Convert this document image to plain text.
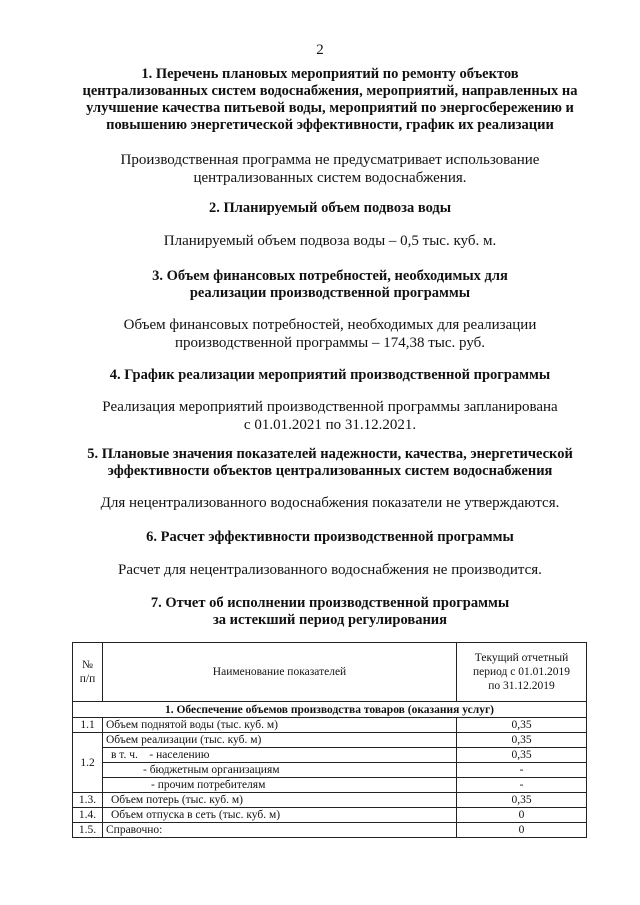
2
1. Перечень плановых мероприятий по ремонту объектов
централизованных систем водоснабжения, мероприятий, направленных на
улучшение качества питьевой воды, мероприятий по энергосбережению и
повышению энергетической эффективности, график их реализации
Производственная программа не предусматривает использование
централизованных систем водоснабжения.
2. Планируемый объем подвоза воды
Планируемый объем подвоза воды – 0,5 тыс. куб. м.
3. Объем финансовых потребностей, необходимых для
реализации производственной программы
Объем финансовых потребностей, необходимых для реализации
производственной программы – 174,38 тыс. руб.
4. График реализации мероприятий производственной программы
Реализация мероприятий производственной программы запланирована
с 01.01.2021 по 31.12.2021.
5. Плановые значения показателей надежности, качества, энергетической
эффективности объектов централизованных систем водоснабжения
Для нецентрализованного водоснабжения показатели не утверждаются.
6. Расчет эффективности производственной программы
Расчет для нецентрализованного водоснабжения не производится.
7. Отчет об исполнении производственной программы
за истекший период регулирования
№
п/п	Наименование показателей	Текущий отчетный
период с 01.01.2019
по 31.12.2019

1. Обеспечение объемов производства товаров (оказания услуг)		
1.1	Объем поднятой воды (тыс. куб. м)	0,35
1.2	Объем реализации (тыс. куб. м)	0,35
	в т. ч. - населению	0,35
	- бюджетным организациям	-
	- прочим потребителям	-
1.3.	Объем потерь (тыс. куб. м)	0,35
1.4.	Объем отпуска в сеть (тыс. куб. м)	0
1.5.	Справочно:	0
